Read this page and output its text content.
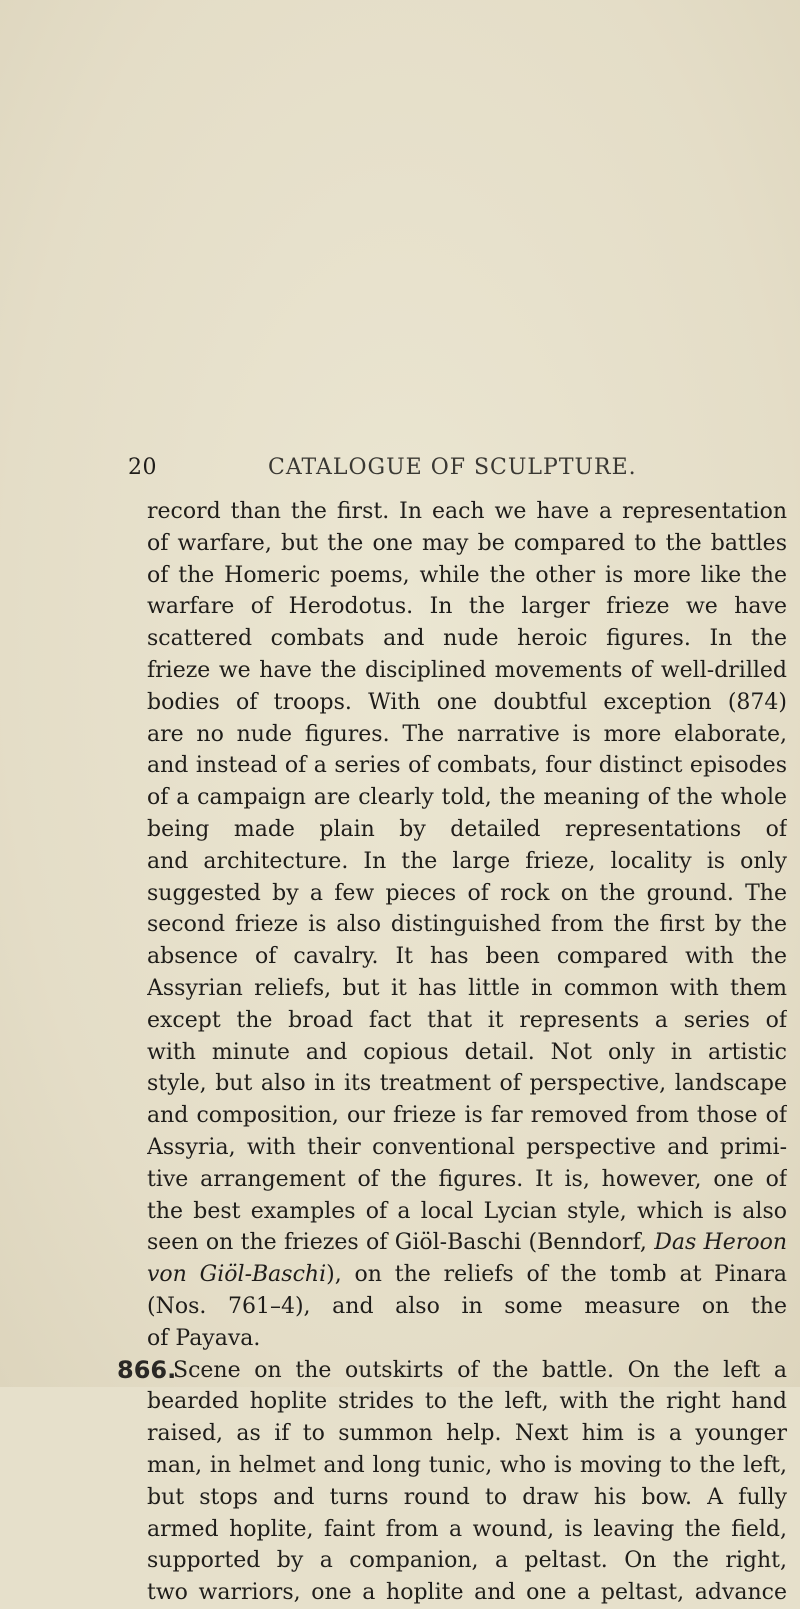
20	CATALOGUE OF SCULPTURE.
record than the first. In each we have a representation
of warfare, but the one may be compared to the battles
of the Homeric poems, while the other is more like the
warfare of Herodotus. In the larger frieze we have
scattered combats and nude heroic figures. In the
frieze we have the disciplined movements of well-drilled
bodies of troops. With one doubtful exception (874)
are no nude figures. The narrative is more elaborate,
and instead of a series of combats, four distinct episodes
of a campaign are clearly told, the meaning of the whole
being made plain by detailed representations of
and architecture. In the large frieze, locality is only
suggested by a few pieces of rock on the ground. The
second frieze is also distinguished from the first by the
absence of cavalry. It has been compared with the
Assyrian reliefs, but it has little in common with them
except the broad fact that it represents a series of
with minute and copious detail. Not only in artistic
style, but also in its treatment of perspective, landscape
and composition, our frieze is far removed from those of
Assyria, with their conventional perspective and primi-
tive arrangement of the figures. It is, however, one of
the best examples of a local Lycian style, which is also
seen on the friezes of Giöl-Baschi (Benndorf, Das Heroon
von Giöl-Baschi), on the reliefs of the tomb at Pinara
(Nos. 761–4), and also in some measure on the
of Payava.
866.
Scene on the outskirts of the battle. On the left a
bearded hoplite strides to the left, with the right hand
raised, as if to summon help. Next him is a younger
man, in helmet and long tunic, who is moving to the left,
but stops and turns round to draw his bow. A fully
armed hoplite, faint from a wound, is leaving the field,
supported by a companion, a peltast. On the right,
two warriors, one a hoplite and one a peltast, advance
